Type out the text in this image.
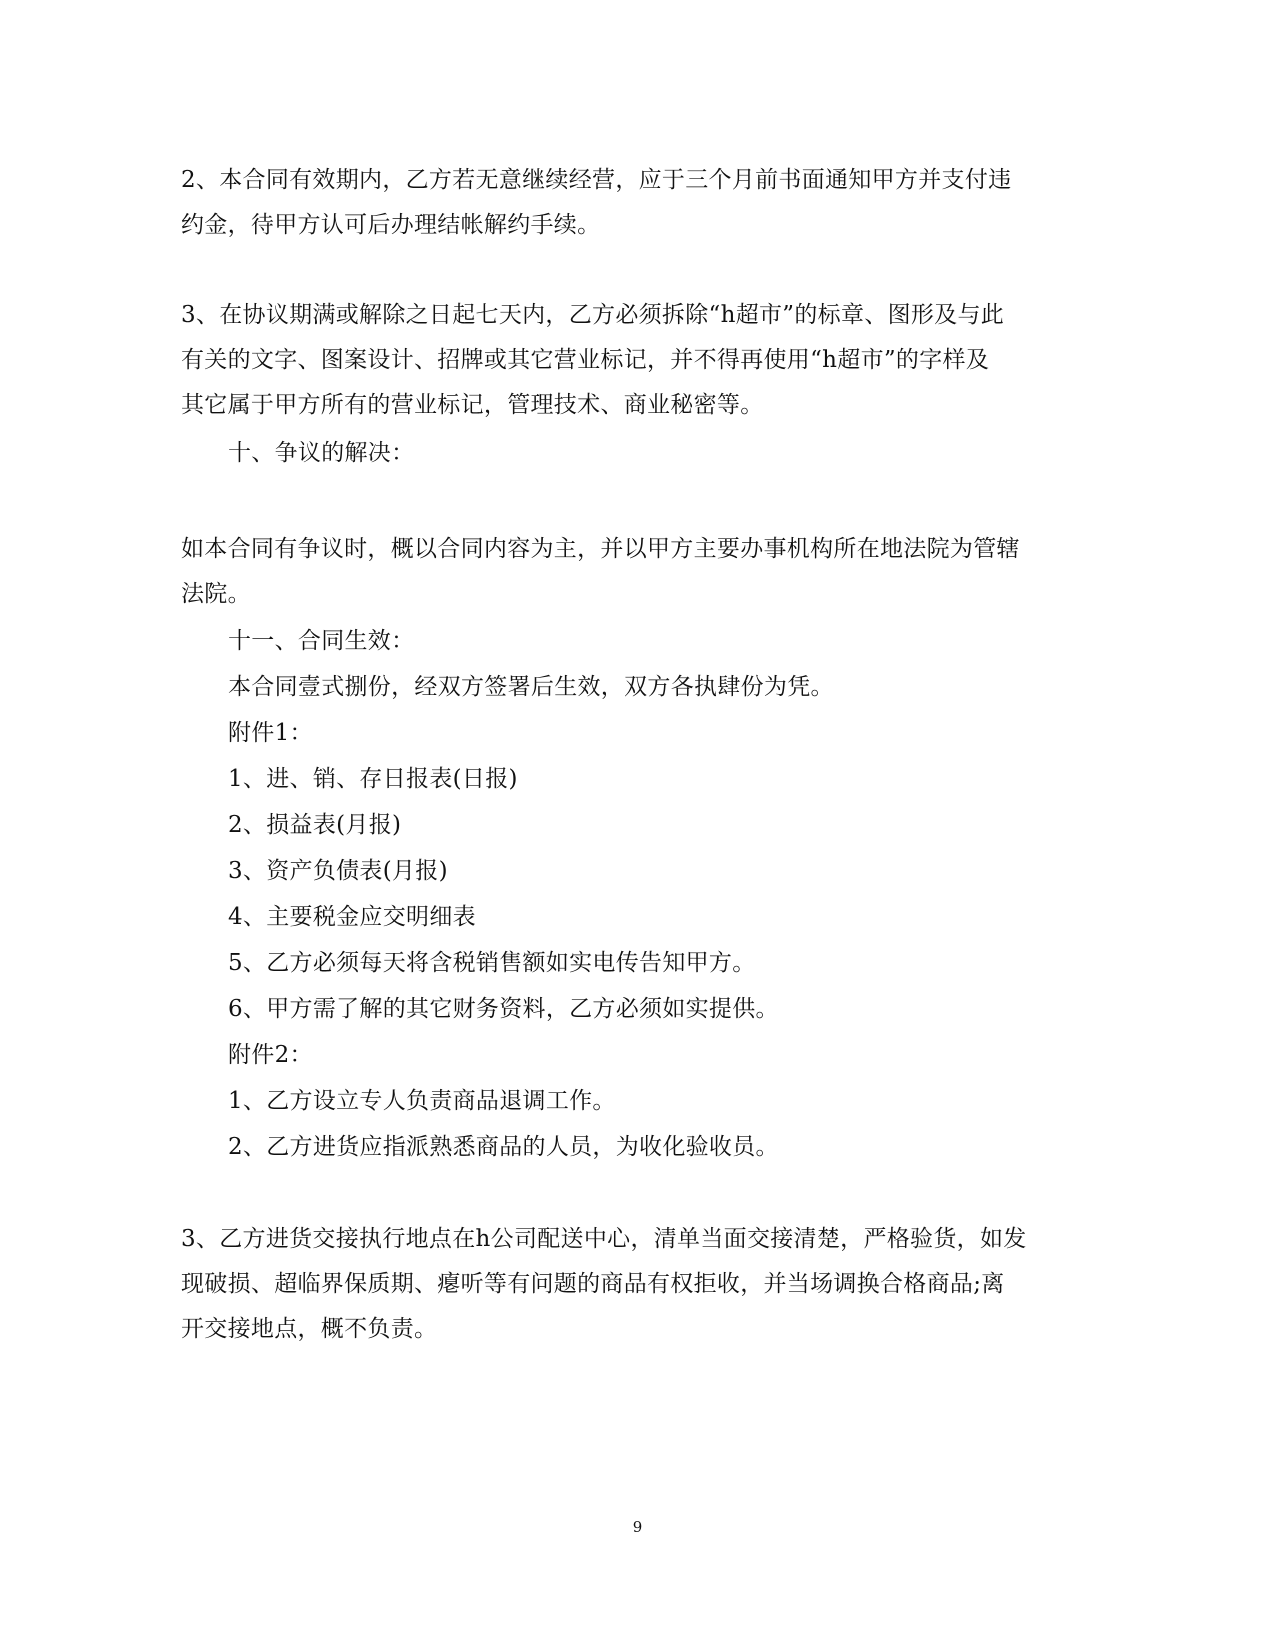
2、本合同有效期内，乙方若无意继续经营，应于三个月前书面通知甲方并支付违
约金，待甲方认可后办理结帐解约手续。
3、在协议期满或解除之日起七天内，乙方必须拆除“h超市”的标章、图形及与此
有关的文字、图案设计、招牌或其它营业标记，并不得再使用“h超市”的字样及
其它属于甲方所有的营业标记，管理技术、商业秘密等。
十、争议的解决：
如本合同有争议时，概以合同内容为主，并以甲方主要办事机构所在地法院为管辖
法院。
十一、合同生效：
本合同壹式捌份，经双方签署后生效，双方各执肆份为凭。
附件1：
1、进、销、存日报表(日报)
2、损益表(月报)
3、资产负债表(月报)
4、主要税金应交明细表
5、乙方必须每天将含税销售额如实电传告知甲方。
6、甲方需了解的其它财务资料，乙方必须如实提供。
附件2：
1、乙方设立专人负责商品退调工作。
2、乙方进货应指派熟悉商品的人员，为收化验收员。
3、乙方进货交接执行地点在h公司配送中心，清单当面交接清楚，严格验货，如发
现破损、超临界保质期、瘪听等有问题的商品有权拒收，并当场调换合格商品;离
开交接地点，概不负责。
9
